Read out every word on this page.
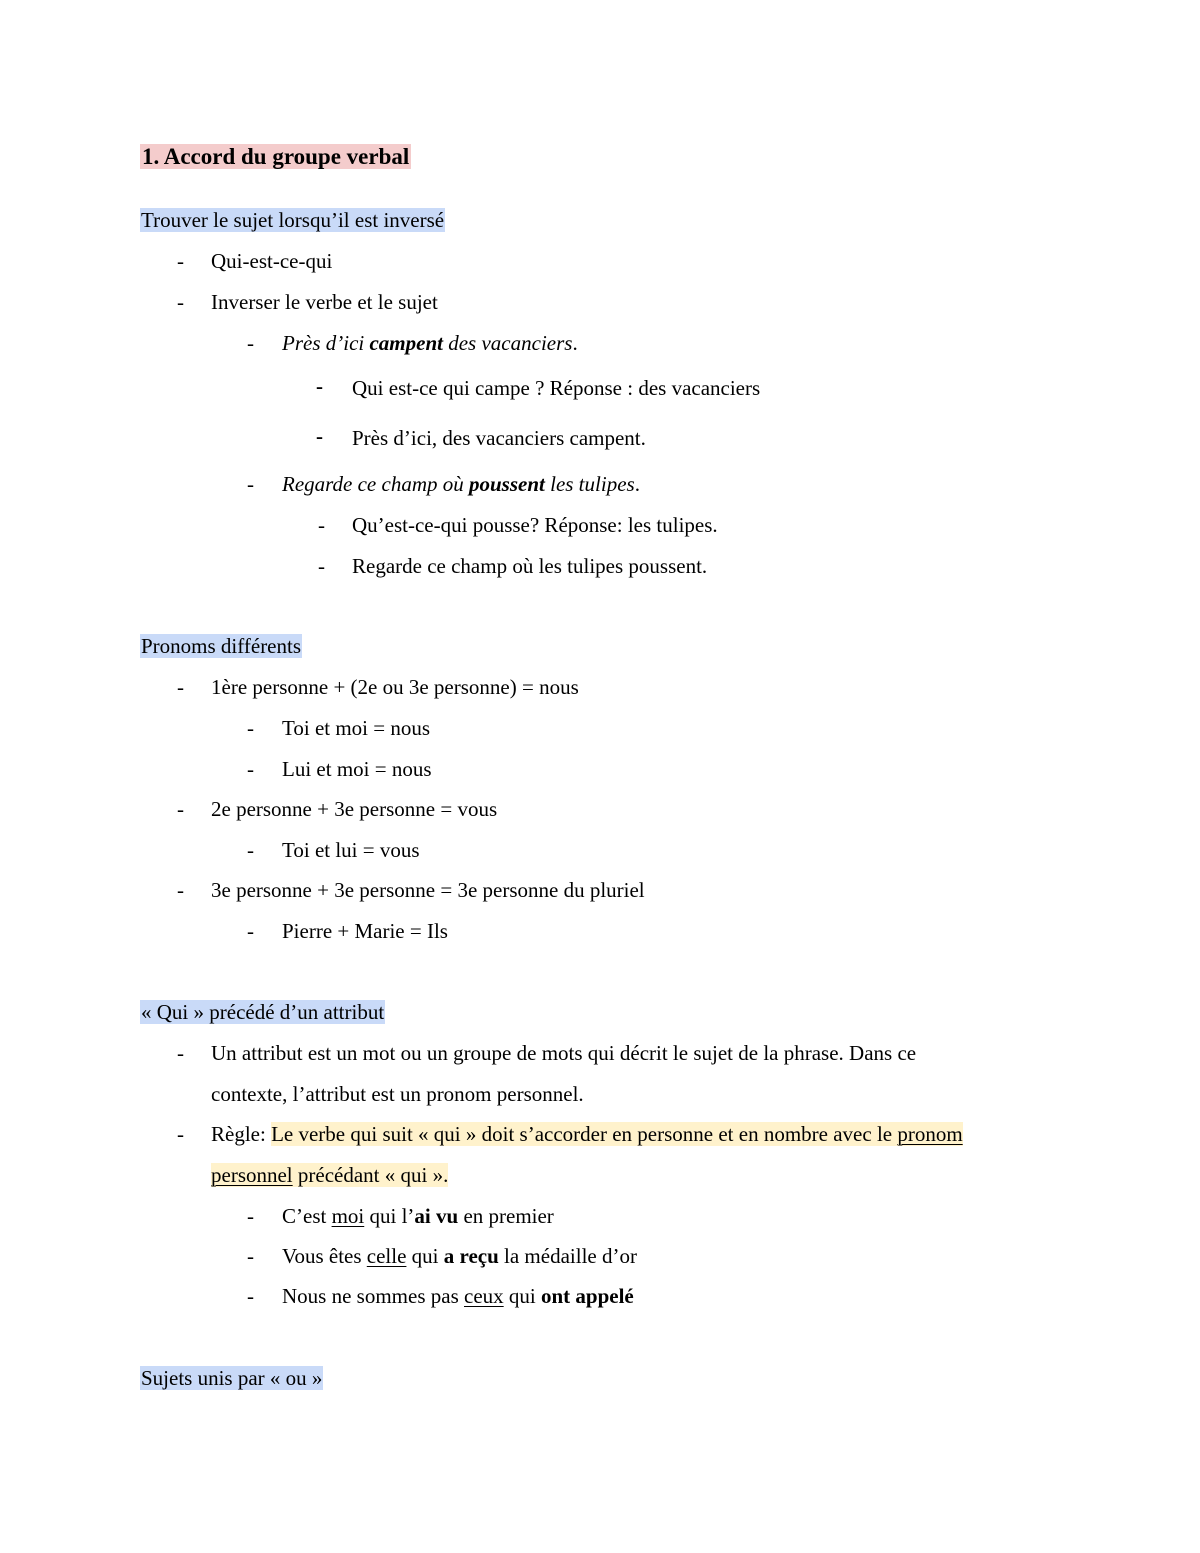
1. Accord du groupe verbal
Trouver le sujet lorsqu’il est inversé
- Qui-est-ce-qui
- Inverser le verbe et le sujet
- Près d’ici campent des vacanciers.
- Qui est-ce qui campe ? Réponse : des vacanciers
- Près d’ici, des vacanciers campent.
- Regarde ce champ où poussent les tulipes.
- Qu’est-ce-qui pousse? Réponse: les tulipes.
- Regarde ce champ où les tulipes poussent.
Pronoms différents
- 1ère personne + (2e ou 3e personne) = nous
- Toi et moi = nous
- Lui et moi = nous
- 2e personne + 3e personne = vous
- Toi et lui = vous
- 3e personne + 3e personne = 3e personne du pluriel
- Pierre + Marie = Ils
« Qui » précédé d’un attribut
- Un attribut est un mot ou un groupe de mots qui décrit le sujet de la phrase. Dans ce
contexte, l’attribut est un pronom personnel.
- Règle: Le verbe qui suit « qui » doit s’accorder en personne et en nombre avec le pronom
personnel précédant « qui ».
- C’est moi qui l’ai vu en premier
- Vous êtes celle qui a reçu la médaille d’or
- Nous ne sommes pas ceux qui ont appelé
Sujets unis par « ou »
